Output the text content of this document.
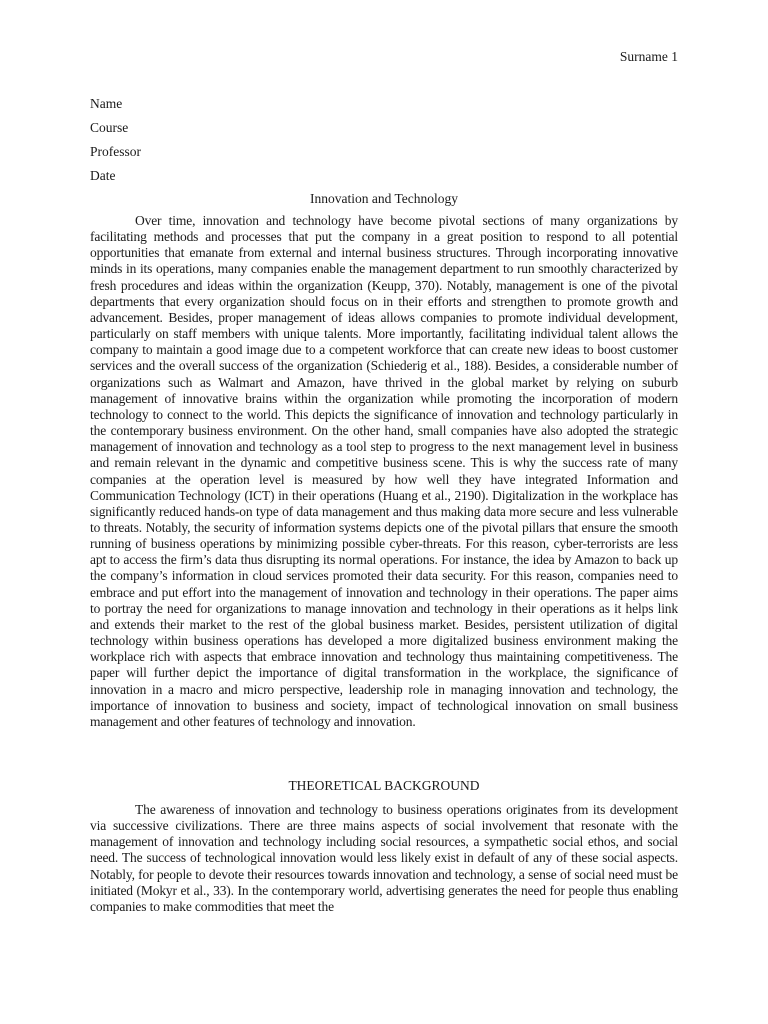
Surname 1
Name
Course
Professor
Date
Innovation and Technology

Over time, innovation and technology have become pivotal sections of many organizations by facilitating methods and processes that put the company in a great position to respond to all potential opportunities that emanate from external and internal business structures. Through incorporating innovative minds in its operations, many companies enable the management department to run smoothly characterized by fresh procedures and ideas within the organization (Keupp, 370). Notably, management is one of the pivotal departments that every organization should focus on in their efforts and strengthen to promote growth and advancement. Besides, proper management of ideas allows companies to promote individual development, particularly on staff members with unique talents. More importantly, facilitating individual talent allows the company to maintain a good image due to a competent workforce that can create new ideas to boost customer services and the overall success of the organization (Schiederig et al., 188). Besides, a considerable number of organizations such as Walmart and Amazon, have thrived in the global market by relying on suburb management of innovative brains within the organization while promoting the incorporation of modern technology to connect to the world. This depicts the significance of innovation and technology particularly in the contemporary business environment. On the other hand, small companies have also adopted the strategic management of innovation and technology as a tool step to progress to the next management level in business and remain relevant in the dynamic and competitive business scene. This is why the success rate of many companies at the operation level is measured by how well they have integrated Information and Communication Technology (ICT) in their operations (Huang et al., 2190). Digitalization in the workplace has significantly reduced hands-on type of data management and thus making data more secure and less vulnerable to threats. Notably, the security of information systems depicts one of the pivotal pillars that ensure the smooth running of business operations by minimizing possible cyber-threats. For this reason, cyber-terrorists are less apt to access the firm’s data thus disrupting its normal operations. For instance, the idea by Amazon to back up the company’s information in cloud services promoted their data security. For this reason, companies need to embrace and put effort into the management of innovation and technology in their operations. The paper aims to portray the need for organizations to manage innovation and technology in their operations as it helps link and extends their market to the rest of the global business market. Besides, persistent utilization of digital technology within business operations has developed a more digitalized business environment making the workplace rich with aspects that embrace innovation and technology thus maintaining competitiveness. The paper will further depict the importance of digital transformation in the workplace, the significance of innovation in a macro and micro perspective, leadership role in managing innovation and technology, the importance of innovation to business and society, impact of technological innovation on small business management and other features of technology and innovation.

THEORETICAL BACKGROUND

The awareness of innovation and technology to business operations originates from its development via successive civilizations. There are three mains aspects of social involvement that resonate with the management of innovation and technology including social resources, a sympathetic social ethos, and social need. The success of technological innovation would less likely exist in default of any of these social aspects. Notably, for people to devote their resources towards innovation and technology, a sense of social need must be initiated (Mokyr et al., 33). In the contemporary world, advertising generates the need for people thus enabling companies to make commodities that meet the
